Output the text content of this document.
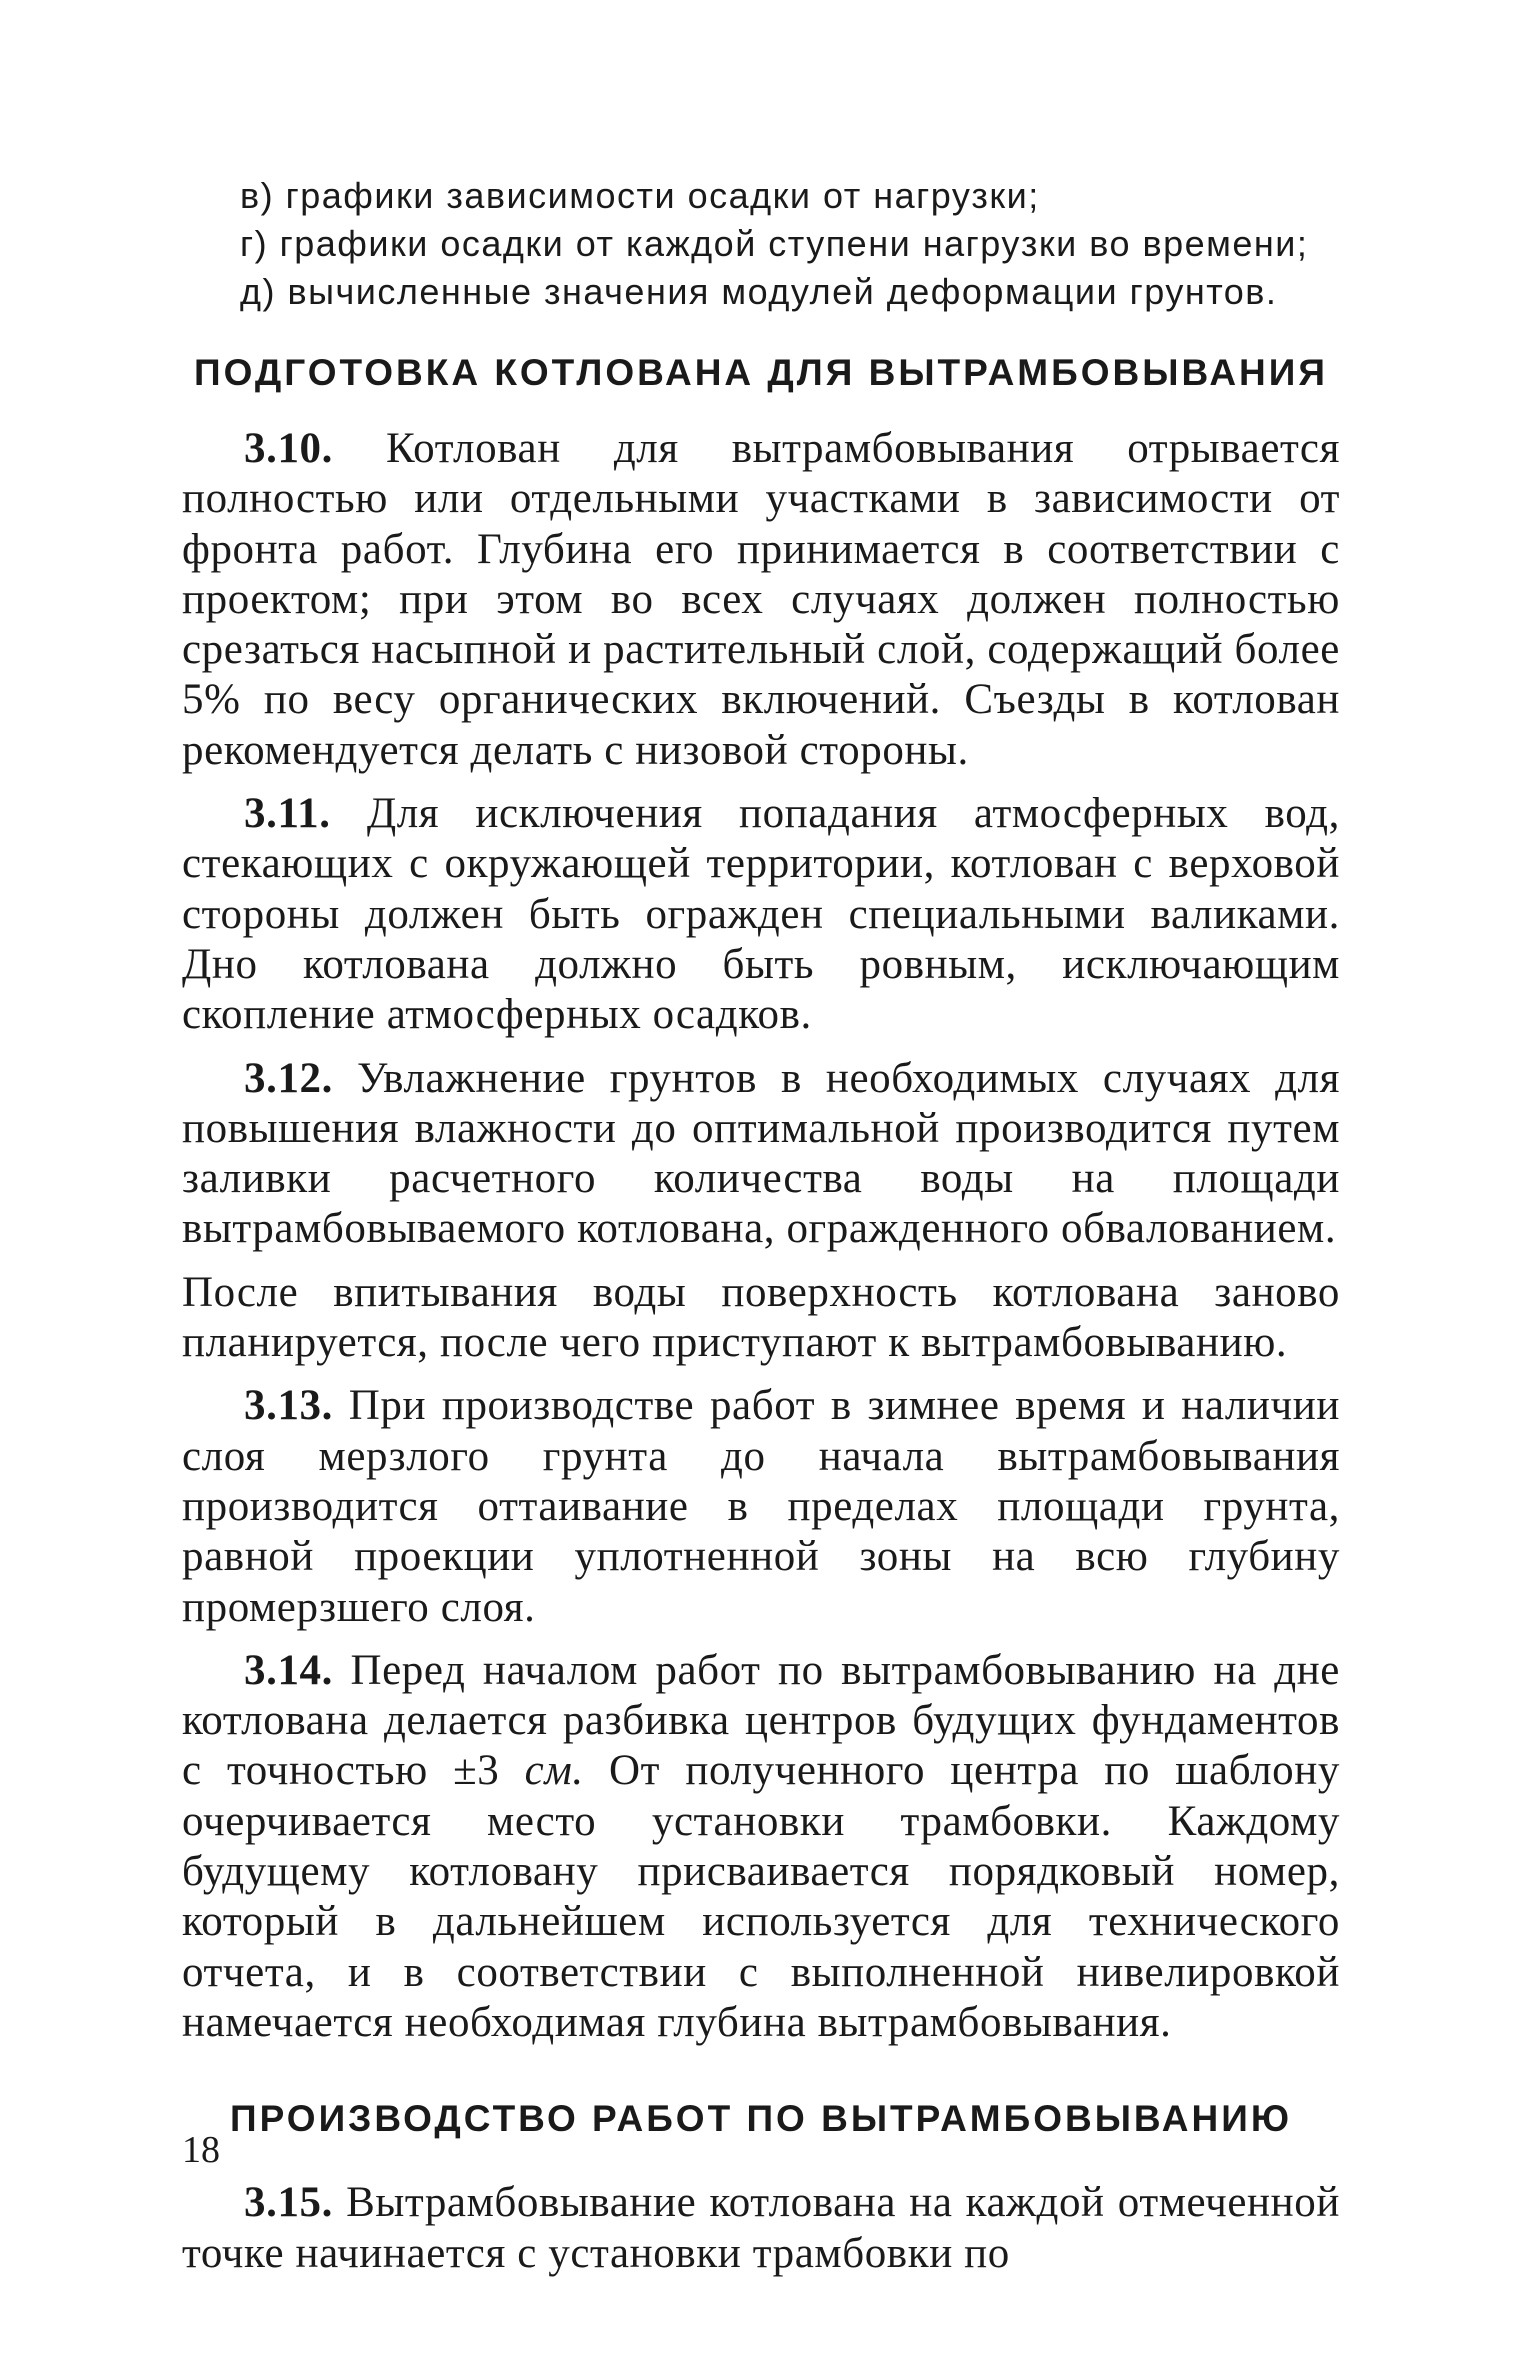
в) графики зависимости осадки от нагрузки;
г) графики осадки от каждой ступени нагрузки во времени;
д) вычисленные значения модулей деформации грунтов.
ПОДГОТОВКА КОТЛОВАНА ДЛЯ ВЫТРАМБОВЫВАНИЯ

3.10. Котлован для вытрамбовывания отрывается полностью или отдельными участками в зависимости от фронта работ. Глубина его принимается в соответствии с проектом; при этом во всех случаях должен полностью срезаться насыпной и растительный слой, содержащий более 5% по весу органических включений. Съезды в котлован рекомендуется делать с низовой стороны.

3.11. Для исключения попадания атмосферных вод, стекающих с окружающей территории, котлован с верховой стороны должен быть огражден специальными валиками. Дно котлована должно быть ровным, исключающим скопление атмосферных осадков.

3.12. Увлажнение грунтов в необходимых случаях для повышения влажности до оптимальной производится путем заливки расчетного количества воды на площади вытрамбовываемого котлована, огражденного обвалованием.

После впитывания воды поверхность котлована заново планируется, после чего приступают к вытрамбовыванию.

3.13. При производстве работ в зимнее время и наличии слоя мерзлого грунта до начала вытрамбовывания производится оттаивание в пределах площади грунта, равной проекции уплотненной зоны на всю глубину промерзшего слоя.

3.14. Перед началом работ по вытрамбовыванию на дне котлована делается разбивка центров будущих фундаментов с точностью ±3 см. От полученного центра по шаблону очерчивается место установки трамбовки. Каждому будущему котловану присваивается порядковый номер, который в дальнейшем используется для технического отчета, и в соответствии с выполненной нивелировкой намечается необходимая глубина вытрамбовывания.

ПРОИЗВОДСТВО РАБОТ ПО ВЫТРАМБОВЫВАНИЮ

3.15. Вытрамбовывание котлована на каждой отмеченной точке начинается с установки трамбовки по

18
